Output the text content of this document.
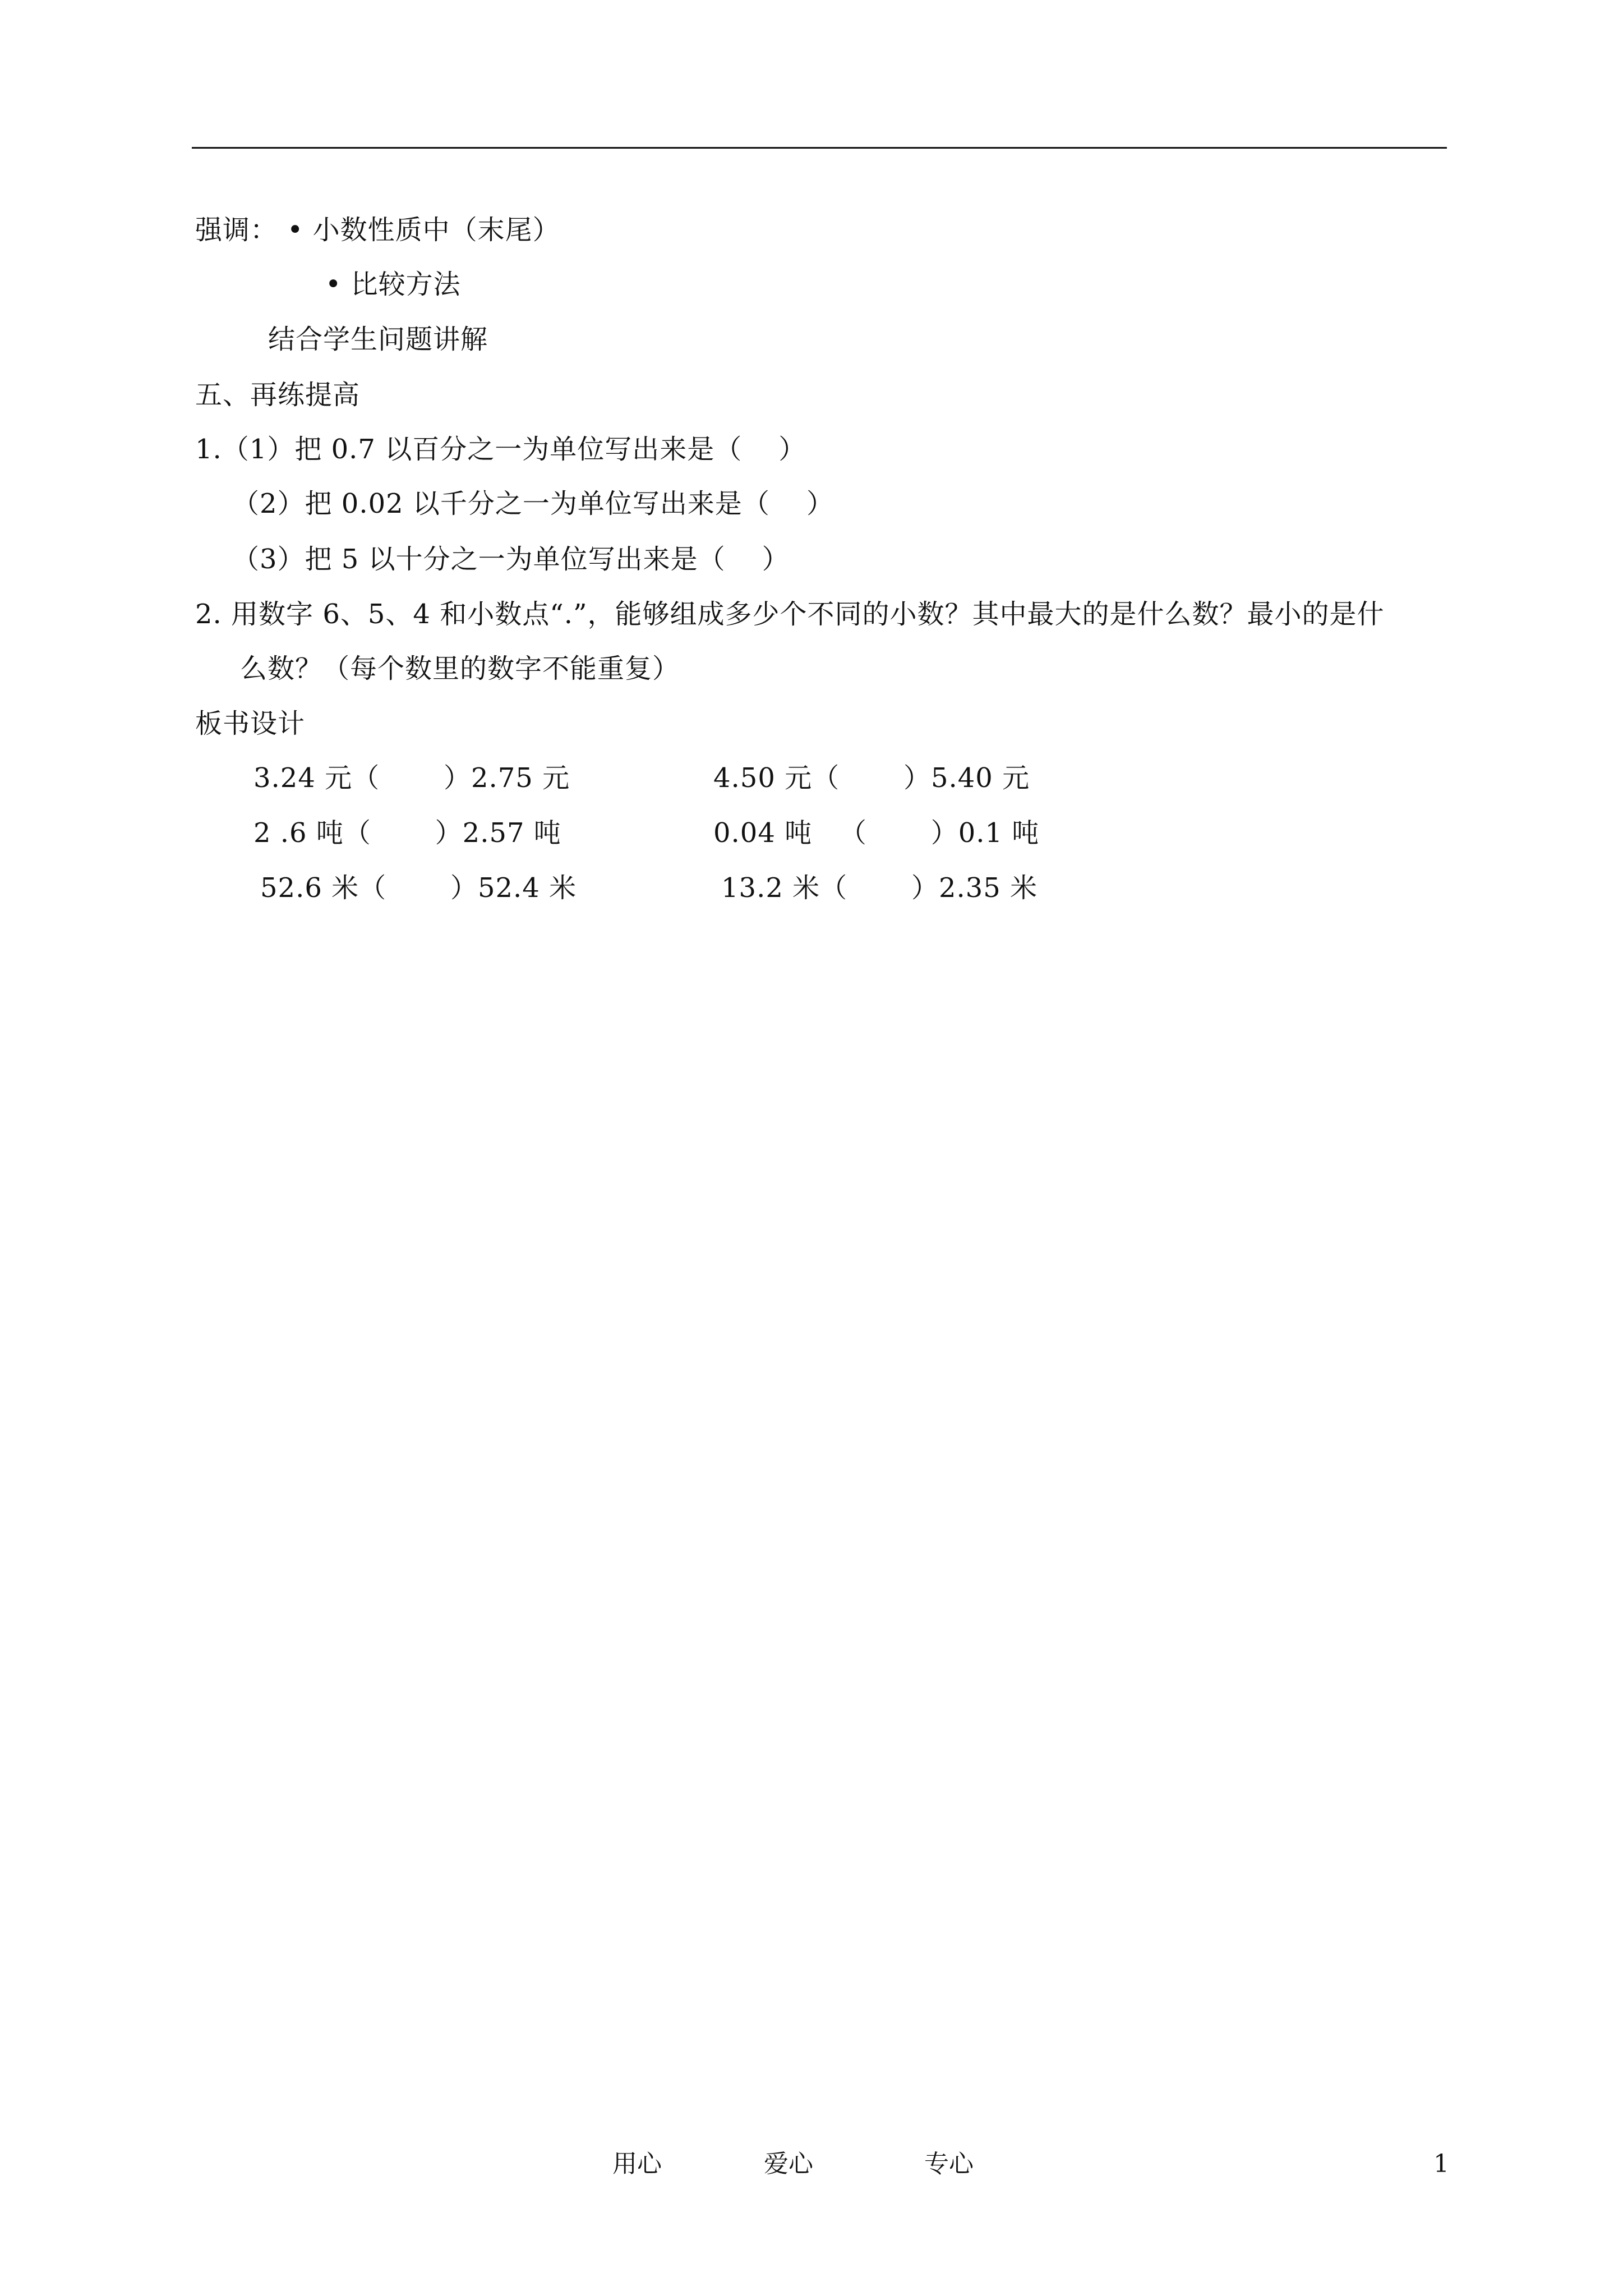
强调： • 小数性质中（末尾）
• 比较方法
结合学生问题讲解
五、再练提高
1.（1）把 0.7 以百分之一为单位写出来是（    ）
（2）把 0.02 以千分之一为单位写出来是（    ）
（3）把 5 以十分之一为单位写出来是（    ）
2. 用数字 6、5、4 和小数点“.”，能够组成多少个不同的小数？其中最大的是什么数？最小的是什
么数？（每个数里的数字不能重复）
板书设计
3.24 元（       ）2.75 元	4.50 元（       ）5.40 元
2 .6 吨（       ）2.57 吨	0.04 吨   （       ）0.1 吨
52.6 米（       ）52.4 米	13.2 米（       ）2.35 米
用心	爱心	专心	1
